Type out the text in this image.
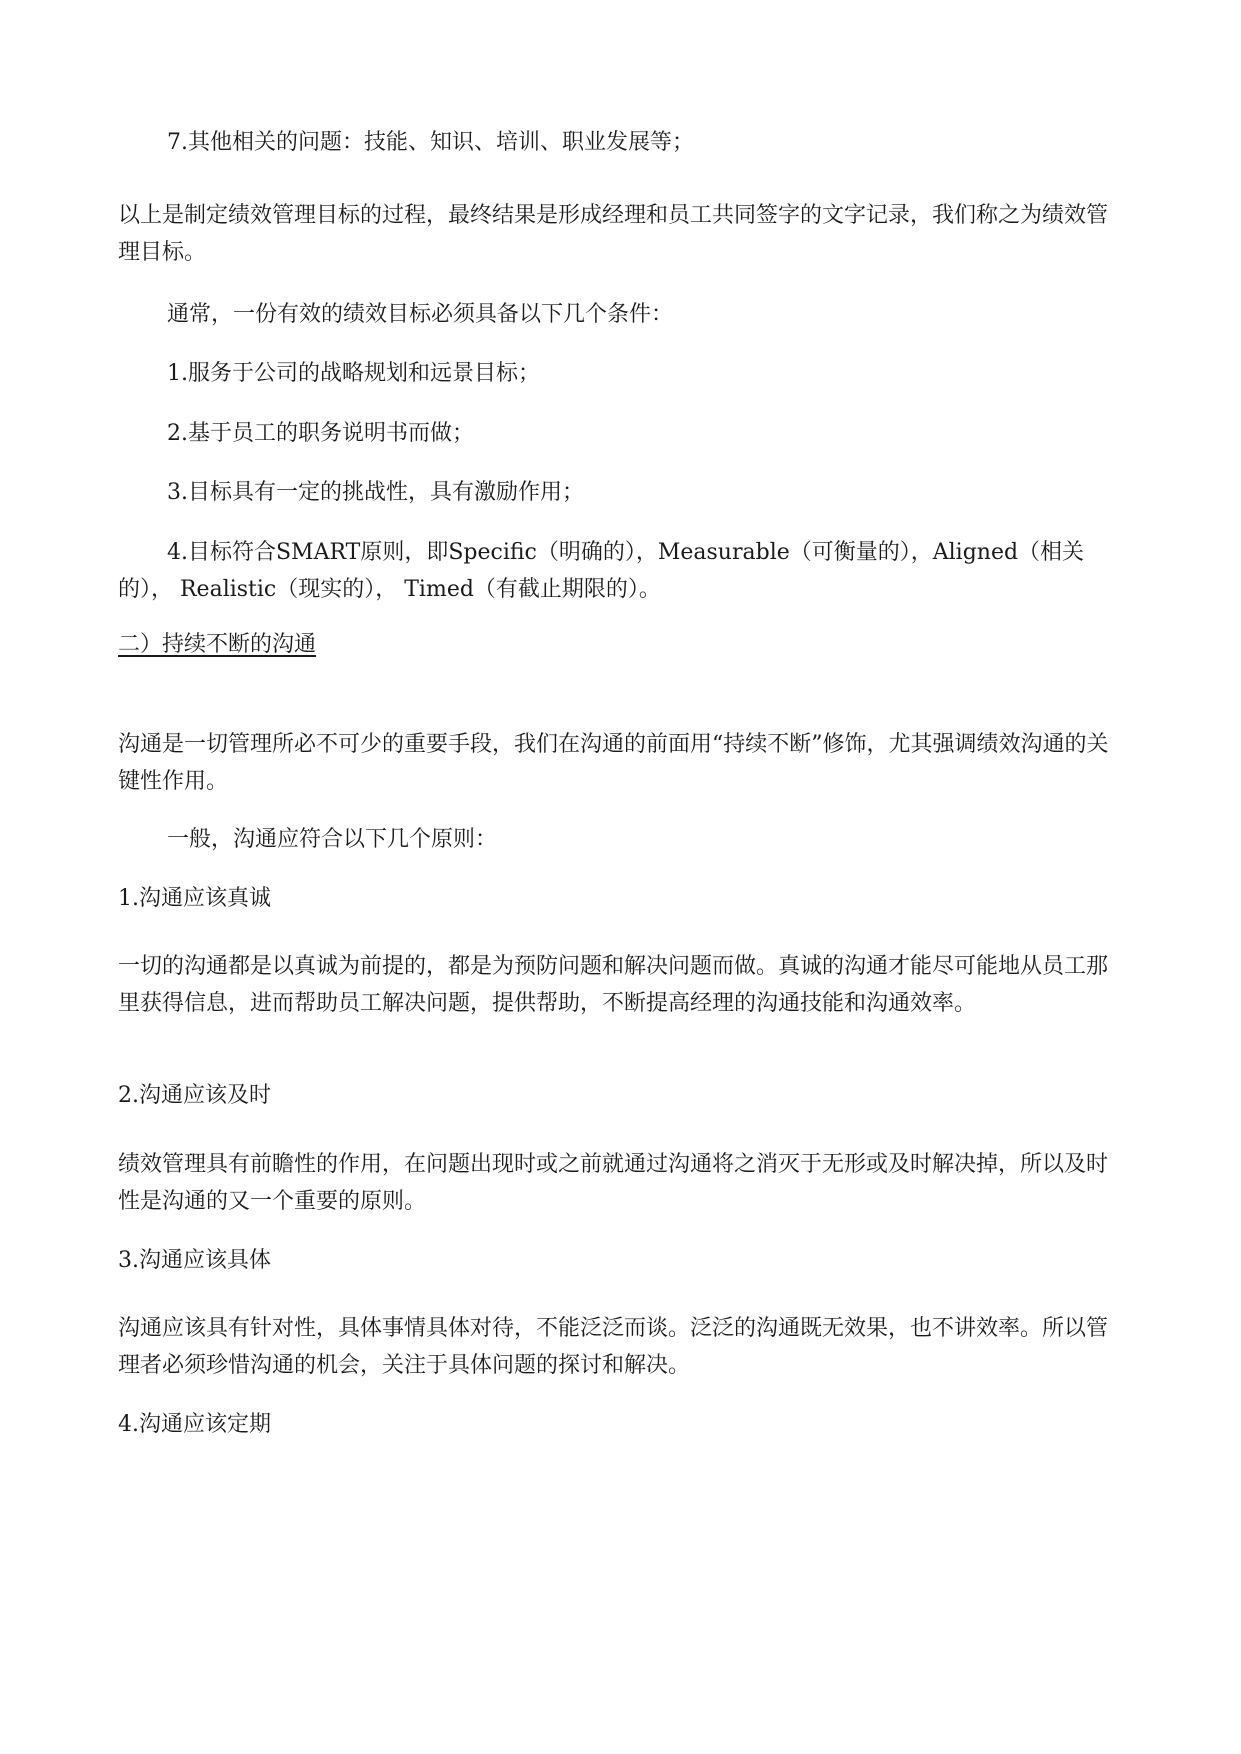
7.其他相关的问题：技能、知识、培训、职业发展等；

以上是制定绩效管理目标的过程，最终结果是形成经理和员工共同签字的文字记录，我们称之为绩效管理目标。

通常，一份有效的绩效目标必须具备以下几个条件：

1.服务于公司的战略规划和远景目标；

2.基于员工的职务说明书而做；

3.目标具有一定的挑战性，具有激励作用；

4.目标符合SMART原则，即Specific（明确的），Measurable（可衡量的），Aligned（相关的）， Realistic（现实的）， Timed（有截止期限的）。

二）持续不断的沟通

沟通是一切管理所必不可少的重要手段，我们在沟通的前面用“持续不断”修饰，尤其强调绩效沟通的关键性作用。

一般，沟通应符合以下几个原则：

1.沟通应该真诚

一切的沟通都是以真诚为前提的，都是为预防问题和解决问题而做。真诚的沟通才能尽可能地从员工那里获得信息，进而帮助员工解决问题，提供帮助，不断提高经理的沟通技能和沟通效率。

2.沟通应该及时

绩效管理具有前瞻性的作用，在问题出现时或之前就通过沟通将之消灭于无形或及时解决掉，所以及时性是沟通的又一个重要的原则。

3.沟通应该具体

沟通应该具有针对性，具体事情具体对待，不能泛泛而谈。泛泛的沟通既无效果，也不讲效率。所以管理者必须珍惜沟通的机会，关注于具体问题的探讨和解决。

4.沟通应该定期
